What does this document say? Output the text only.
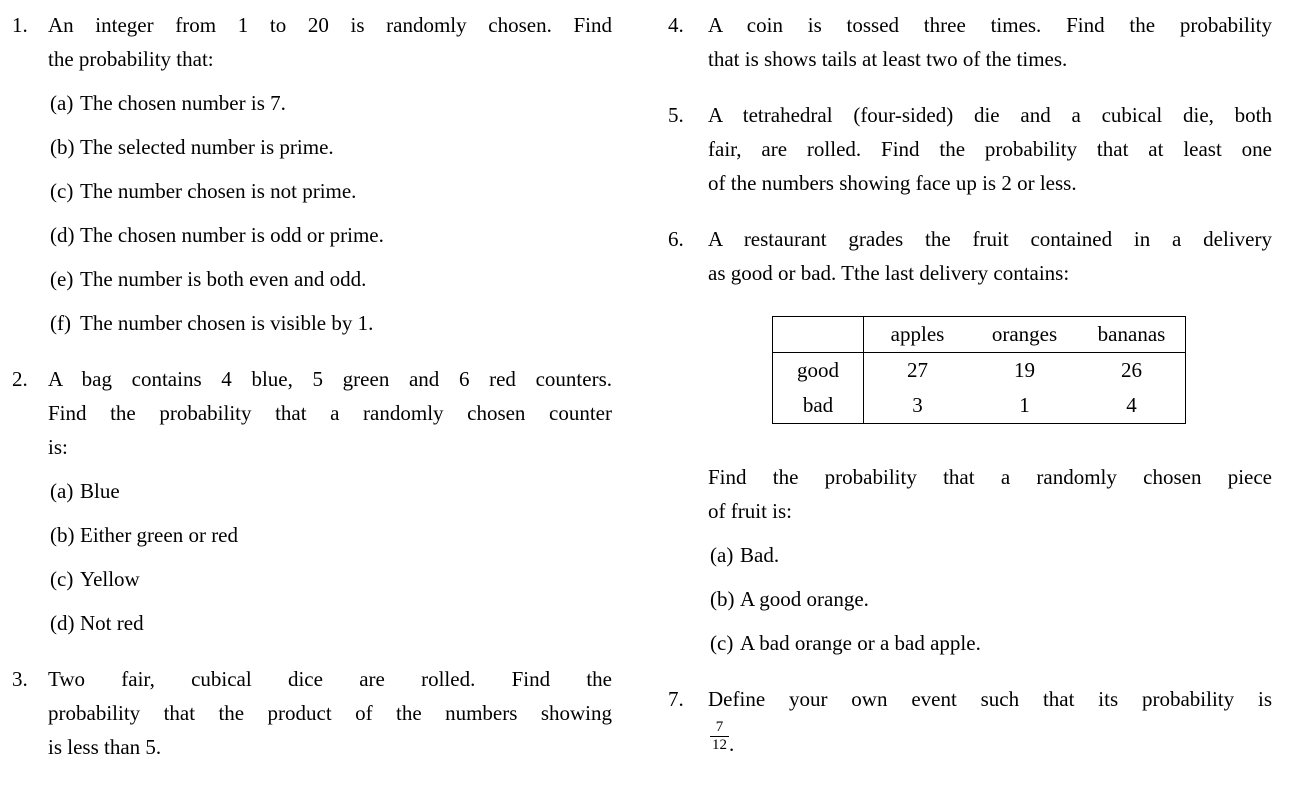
1. An integer from 1 to 20 is randomly chosen. Find
the probability that:
(a) The chosen number is 7.
(b) The selected number is prime.
(c) The number chosen is not prime.
(d) The chosen number is odd or prime.
(e) The number is both even and odd.
(f) The number chosen is visible by 1.
2. A bag contains 4 blue, 5 green and 6 red counters.
Find the probability that a randomly chosen counter
is:
(a) Blue
(b) Either green or red
(c) Yellow
(d) Not red
3. Two fair, cubical dice are rolled. Find the
probability that the product of the numbers showing
is less than 5.
4.	A coin is tossed three times. Find the probability
that is shows tails at least two of the times.
5.	A tetrahedral (four-sided) die and a cubical die, both
fair, are rolled. Find the probability that at least one
of the numbers showing face up is 2 or less.
6.	A restaurant grades the fruit contained in a delivery
as good or bad. Tthe last delivery contains:
	apples	oranges	bananas
good	27	19	26
bad	3	1	4
Find the probability that a randomly chosen piece
of fruit is:
(a) Bad.
(b) A good orange.
(c) A bad orange or a bad apple.
7.	Define your own event such that its probability is
$\frac{7}{12}$ .
